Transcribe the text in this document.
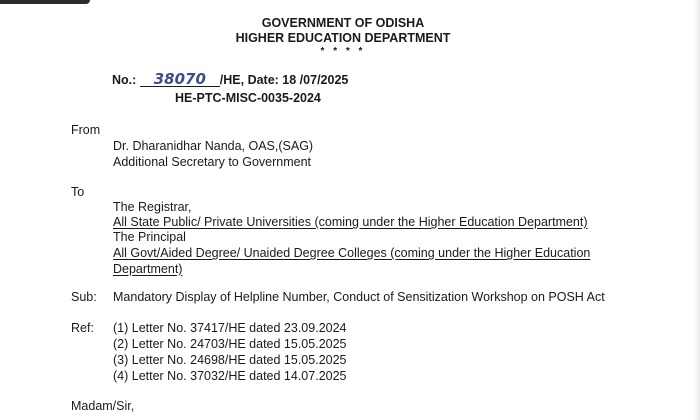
GOVERNMENT OF ODISHA
HIGHER EDUCATION DEPARTMENT
* * * *
No.: 38070 /HE, Date: 18 /07/2025
HE-PTC-MISC-0035-2024
From
Dr. Dharanidhar Nanda, OAS,(SAG)
Additional Secretary to Government
To
The Registrar,
All State Public/ Private Universities (coming under the Higher Education Department)
The Principal
All Govt/Aided Degree/ Unaided Degree Colleges (coming under the Higher Education
Department)
Sub: Mandatory Display of Helpline Number, Conduct of Sensitization Workshop on POSH Act
Ref: (1) Letter No. 37417/HE dated 23.09.2024
(2) Letter No. 24703/HE dated 15.05.2025
(3) Letter No. 24698/HE dated 15.05.2025
(4) Letter No. 37032/HE dated 14.07.2025
Madam/Sir,
